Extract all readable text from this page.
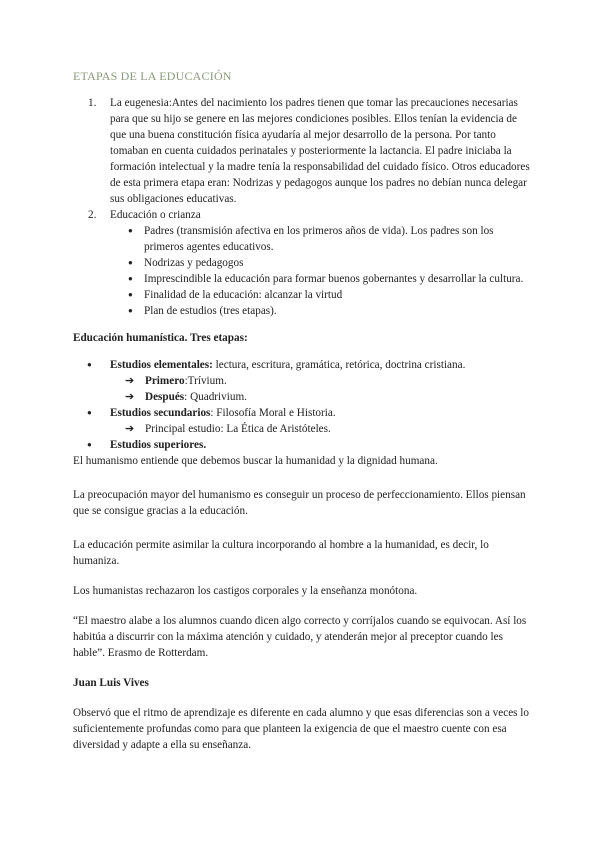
ETAPAS DE LA EDUCACIÓN
1. La eugenesia:Antes del nacimiento los padres tienen que tomar las precauciones necesarias para que su hijo se genere en las mejores condiciones posibles. Ellos tenían la evidencia de que una buena constitución física ayudaría al mejor desarrollo de la persona. Por tanto tomaban en cuenta cuidados perinatales y posteriormente la lactancia. El padre iniciaba la formación intelectual y la madre tenía la responsabilidad del cuidado físico. Otros educadores de esta primera etapa eran: Nodrizas y pedagogos aunque los padres no debían nunca delegar sus obligaciones educativas.
2. Educación o crianza
● Padres (transmisión afectiva en los primeros años de vida). Los padres son los primeros agentes educativos.
● Nodrizas y pedagogos
● Imprescindible la educación para formar buenos gobernantes y desarrollar la cultura.
● Finalidad de la educación: alcanzar la virtud
● Plan de estudios (tres etapas).
Educación humanística. Tres etapas:
● Estudios elementales: lectura, escritura, gramática, retórica, doctrina cristiana.
➔ Primero:Trívium.
➔ Después: Quadrivium.
● Estudios secundarios: Filosofía Moral e Historia.
➔ Principal estudio: La Ética de Aristóteles.
● Estudios superiores.

El humanismo entiende que debemos buscar la humanidad y la dignidad humana.

La preocupación mayor del humanismo es conseguir un proceso de perfeccionamiento. Ellos piensan que se consigue gracias a la educación.

La educación permite asimilar la cultura incorporando al hombre a la humanidad, es decir, lo humaniza.

Los humanistas rechazaron los castigos corporales y la enseñanza monótona.

“El maestro alabe a los alumnos cuando dicen algo correcto y corríjalos cuando se equivocan. Así los habitúa a discurrir con la máxima atención y cuidado, y atenderán mejor al preceptor cuando les hable”. Erasmo de Rotterdam.

Juan Luis Vives

Observó que el ritmo de aprendizaje es diferente en cada alumno y que esas diferencias son a veces lo suficientemente profundas como para que planteen la exigencia de que el maestro cuente con esa diversidad y adapte a ella su enseñanza.
